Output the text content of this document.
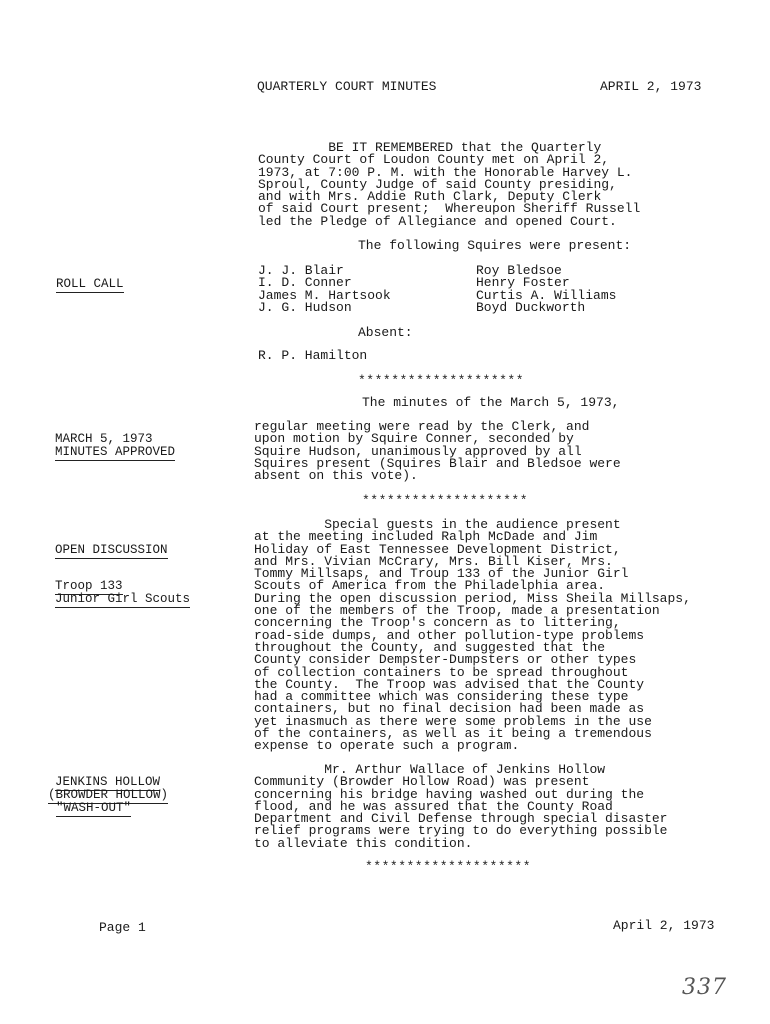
QUARTERLY COURT MINUTES	APRIL 2, 1973
BE IT REMEMBERED that the Quarterly
County Court of Loudon County met on April 2,
1973, at 7:00 P. M. with the Honorable Harvey L.
Sproul, County Judge of said County presiding,
and with Mrs. Addie Ruth Clark, Deputy Clerk
of said Court present;  Whereupon Sheriff Russell
led the Pledge of Allegiance and opened Court.
The following Squires were present:
ROLL CALL
J. J. Blair
I. D. Conner
James M. Hartsook
J. G. Hudson
Roy Bledsoe
Henry Foster
Curtis A. Williams
Boyd Duckworth
Absent:
R. P. Hamilton
********************
The minutes of the March 5, 1973,
MARCH 5, 1973
MINUTES APPROVED
regular meeting were read by the Clerk, and
upon motion by Squire Conner, seconded by
Squire Hudson, unanimously approved by all
Squires present (Squires Blair and Bledsoe were
absent on this vote).
********************
OPEN DISCUSSION
Troop 133
Junior Girl Scouts
Special guests in the audience present
at the meeting included Ralph McDade and Jim
Holiday of East Tennessee Development District,
and Mrs. Vivian McCrary, Mrs. Bill Kiser, Mrs.
Tommy Millsaps, and Troup 133 of the Junior Girl
Scouts of America from the Philadelphia area.
During the open discussion period, Miss Sheila Millsaps,
one of the members of the Troop, made a presentation
concerning the Troop's concern as to littering,
road-side dumps, and other pollution-type problems
throughout the County, and suggested that the
County consider Dempster-Dumpsters or other types
of collection containers to be spread throughout
the County.  The Troop was advised that the County
had a committee which was considering these type
containers, but no final decision had been made as
yet inasmuch as there were some problems in the use
of the containers, as well as it being a tremendous
expense to operate such a program.
JENKINS HOLLOW
(BROWDER HOLLOW)
"WASH-OUT"
Mr. Arthur Wallace of Jenkins Hollow
Community (Browder Hollow Road) was present
concerning his bridge having washed out during the
flood, and he was assured that the County Road
Department and Civil Defense through special disaster
relief programs were trying to do everything possible
to alleviate this condition.
********************
Page 1	April 2, 1973
337
